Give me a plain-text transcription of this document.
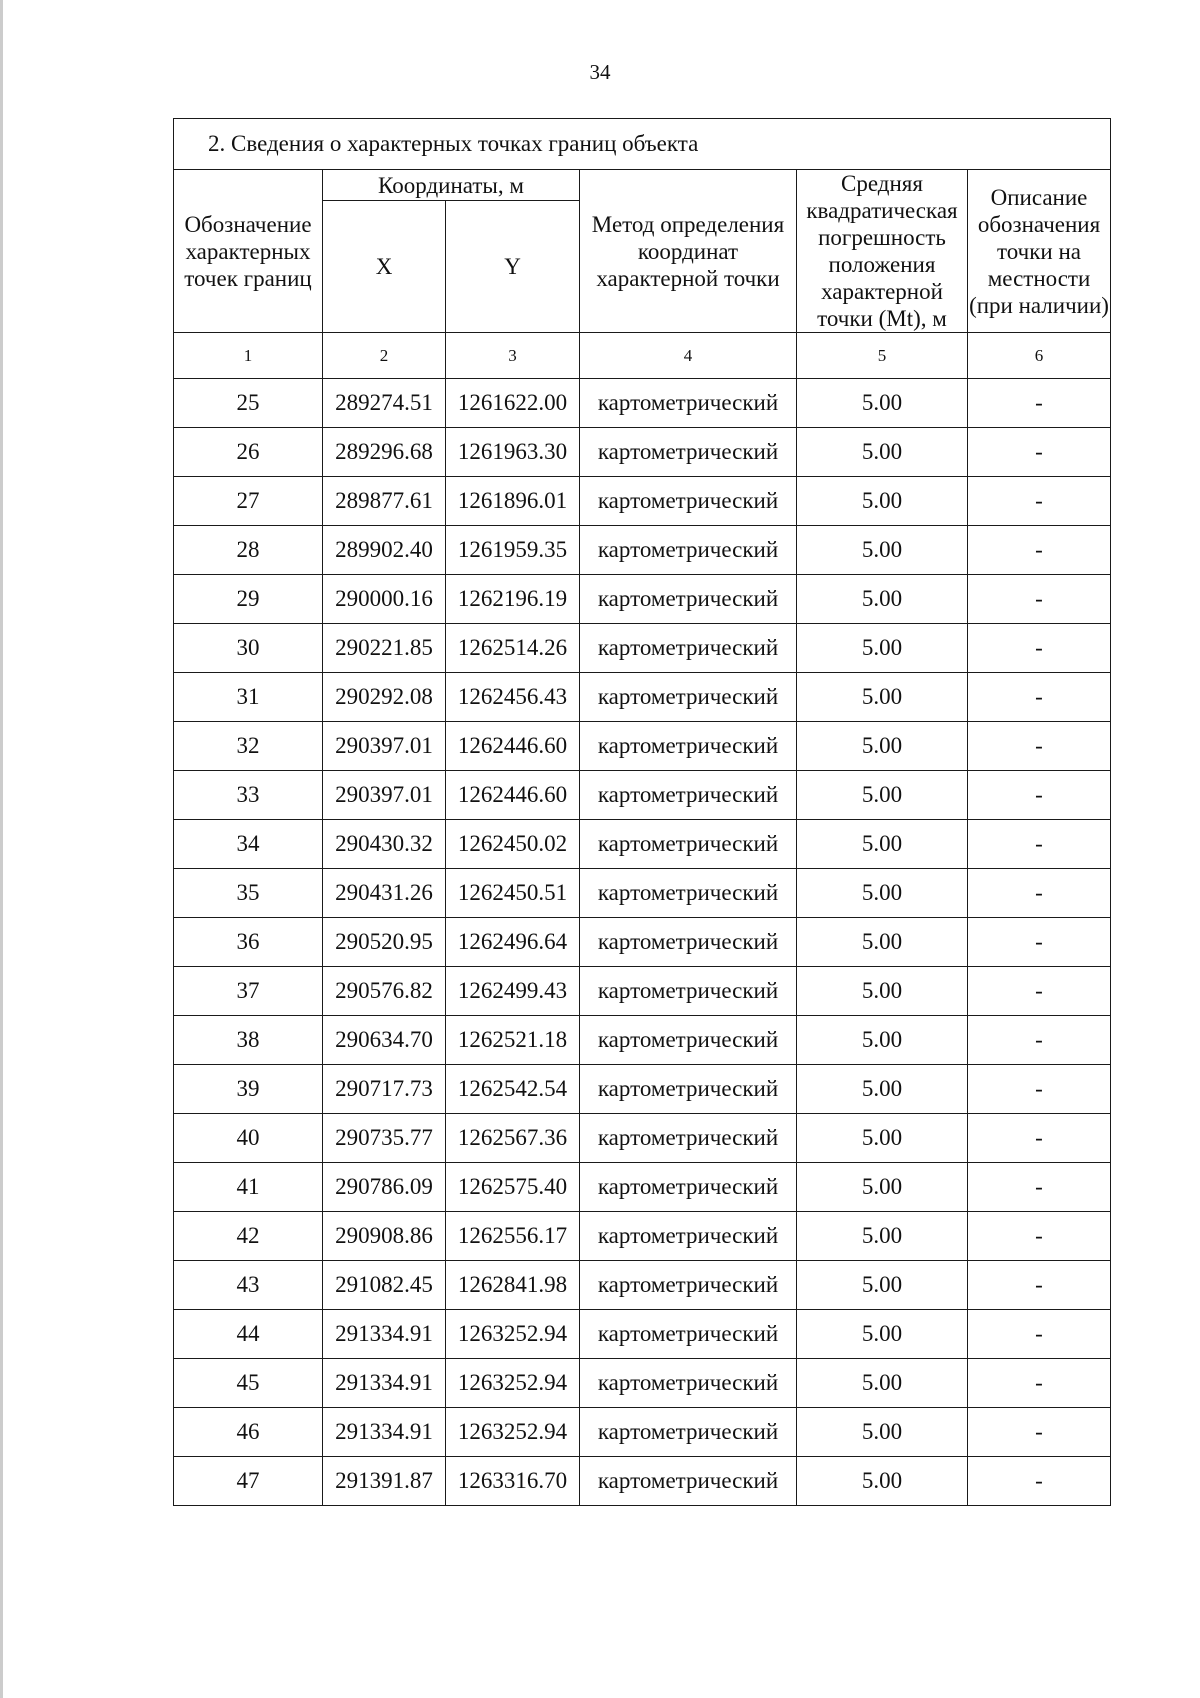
34
2. Сведения о характерных точках границ объекта					
Обозначение характерных точек границ	Координаты, м		Метод определения координат характерной точки	Средняя квадратическая погрешность положения характерной точки (Mt), м	Описание обозначения точки на местности (при наличии)
	X	Y			
1	2	3	4	5	6
25	289274.51	1261622.00	картометрический	5.00	-
26	289296.68	1261963.30	картометрический	5.00	-
27	289877.61	1261896.01	картометрический	5.00	-
28	289902.40	1261959.35	картометрический	5.00	-
29	290000.16	1262196.19	картометрический	5.00	-
30	290221.85	1262514.26	картометрический	5.00	-
31	290292.08	1262456.43	картометрический	5.00	-
32	290397.01	1262446.60	картометрический	5.00	-
33	290397.01	1262446.60	картометрический	5.00	-
34	290430.32	1262450.02	картометрический	5.00	-
35	290431.26	1262450.51	картометрический	5.00	-
36	290520.95	1262496.64	картометрический	5.00	-
37	290576.82	1262499.43	картометрический	5.00	-
38	290634.70	1262521.18	картометрический	5.00	-
39	290717.73	1262542.54	картометрический	5.00	-
40	290735.77	1262567.36	картометрический	5.00	-
41	290786.09	1262575.40	картометрический	5.00	-
42	290908.86	1262556.17	картометрический	5.00	-
43	291082.45	1262841.98	картометрический	5.00	-
44	291334.91	1263252.94	картометрический	5.00	-
45	291334.91	1263252.94	картометрический	5.00	-
46	291334.91	1263252.94	картометрический	5.00	-
47	291391.87	1263316.70	картометрический	5.00	-
